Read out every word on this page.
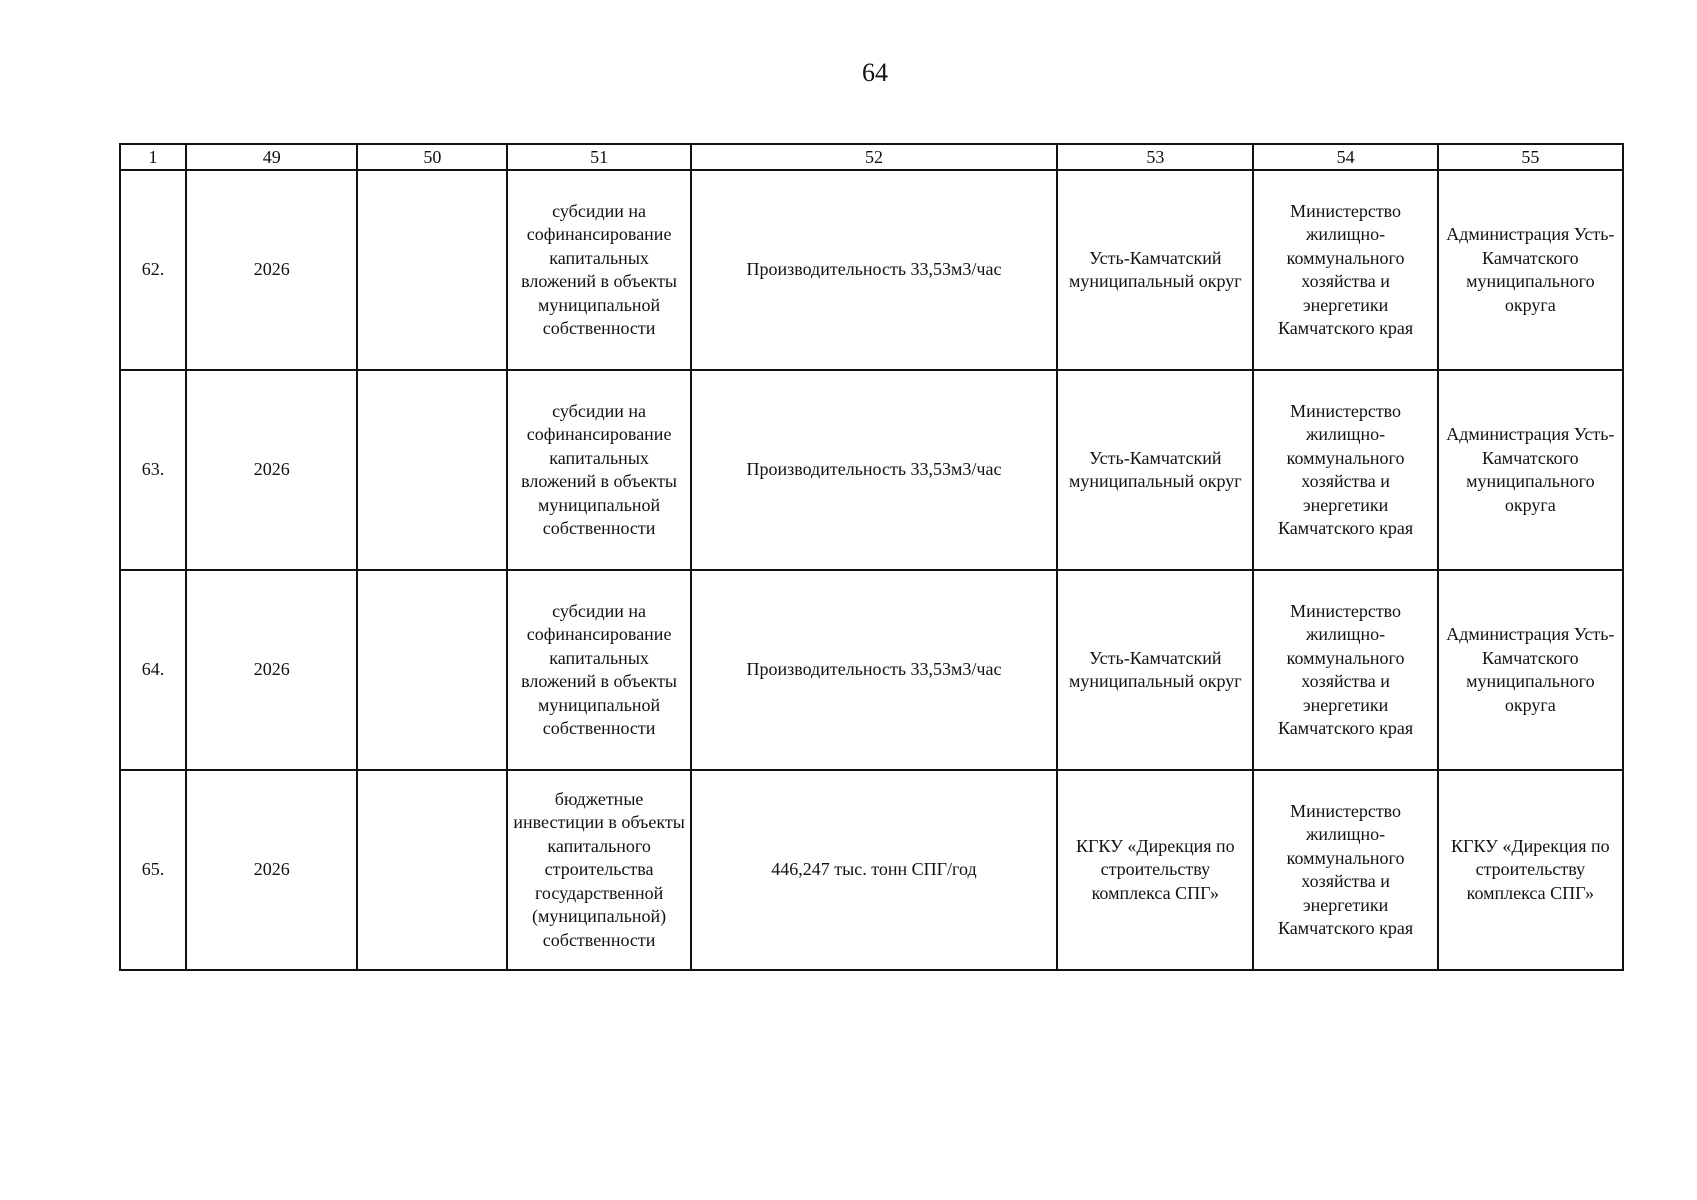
64
1	49	50	51	52	53	54	55
62.	2026		субсидии на софинансирование капитальных вложений в объекты муниципальной собственности	Производительность 33,53м3/час	Усть-Камчатский муниципальный округ	Министерство жилищно-коммунального хозяйства и энергетики Камчатского края	Администрация Усть-Камчатского муниципального округа
63.	2026		субсидии на софинансирование капитальных вложений в объекты муниципальной собственности	Производительность 33,53м3/час	Усть-Камчатский муниципальный округ	Министерство жилищно-коммунального хозяйства и энергетики Камчатского края	Администрация Усть-Камчатского муниципального округа
64.	2026		субсидии на софинансирование капитальных вложений в объекты муниципальной собственности	Производительность 33,53м3/час	Усть-Камчатский муниципальный округ	Министерство жилищно-коммунального хозяйства и энергетики Камчатского края	Администрация Усть-Камчатского муниципального округа
65.	2026		бюджетные инвестиции в объекты капитального строительства государственной (муниципальной) собственности	446,247 тыс. тонн СПГ/год	КГКУ «Дирекция по строительству комплекса СПГ»	Министерство жилищно-коммунального хозяйства и энергетики Камчатского края	КГКУ «Дирекция по строительству комплекса СПГ»
